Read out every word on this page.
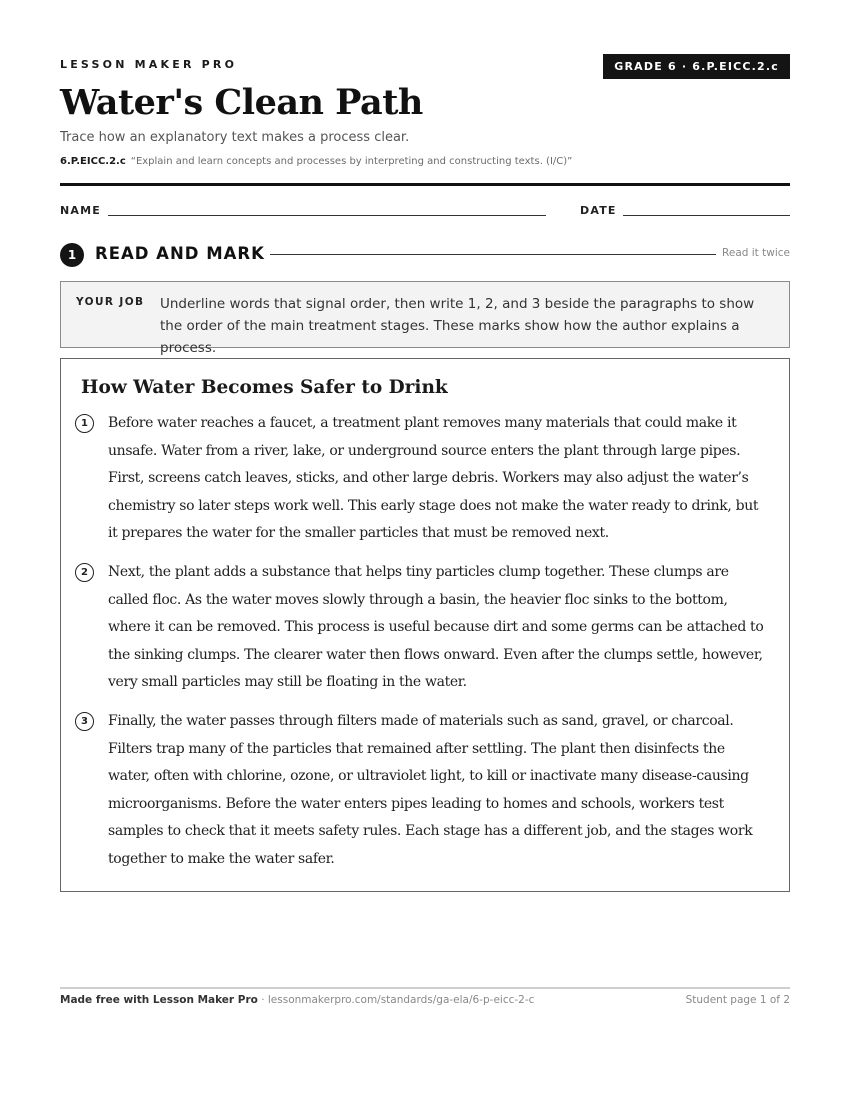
LESSON MAKER PRO	GRADE 6 · 6.P.EICC.2.c
Water's Clean Path
Trace how an explanatory text makes a process clear.
6.P.EICC.2.c “Explain and learn concepts and processes by interpreting and constructing texts. (I/C)”
NAME	DATE
1	READ AND MARK	Read it twice
YOUR JOB Underline words that signal order, then write 1, 2, and 3 beside the paragraphs to show the order of the main treatment stages. These marks show how the author explains a process.
How Water Becomes Safer to Drink
1	Before water reaches a faucet, a treatment plant removes many materials that could make it unsafe. Water from a river, lake, or underground source enters the plant through large pipes. First, screens catch leaves, sticks, and other large debris. Workers may also adjust the water’s chemistry so later steps work well. This early stage does not make the water ready to drink, but it prepares the water for the smaller particles that must be removed next.

2	Next, the plant adds a substance that helps tiny particles clump together. These clumps are called floc. As the water moves slowly through a basin, the heavier floc sinks to the bottom, where it can be removed. This process is useful because dirt and some germs can be attached to the sinking clumps. The clearer water then flows onward. Even after the clumps settle, however, very small particles may still be floating in the water.

3	Finally, the water passes through filters made of materials such as sand, gravel, or charcoal. Filters trap many of the particles that remained after settling. The plant then disinfects the water, often with chlorine, ozone, or ultraviolet light, to kill or inactivate many disease-causing microorganisms. Before the water enters pipes leading to homes and schools, workers test samples to check that it meets safety rules. Each stage has a different job, and the stages work together to make the water safer.

Made free with Lesson Maker Pro · lessonmakerpro.com/standards/ga-ela/6-p-eicc-2-c	Student page 1 of 2
